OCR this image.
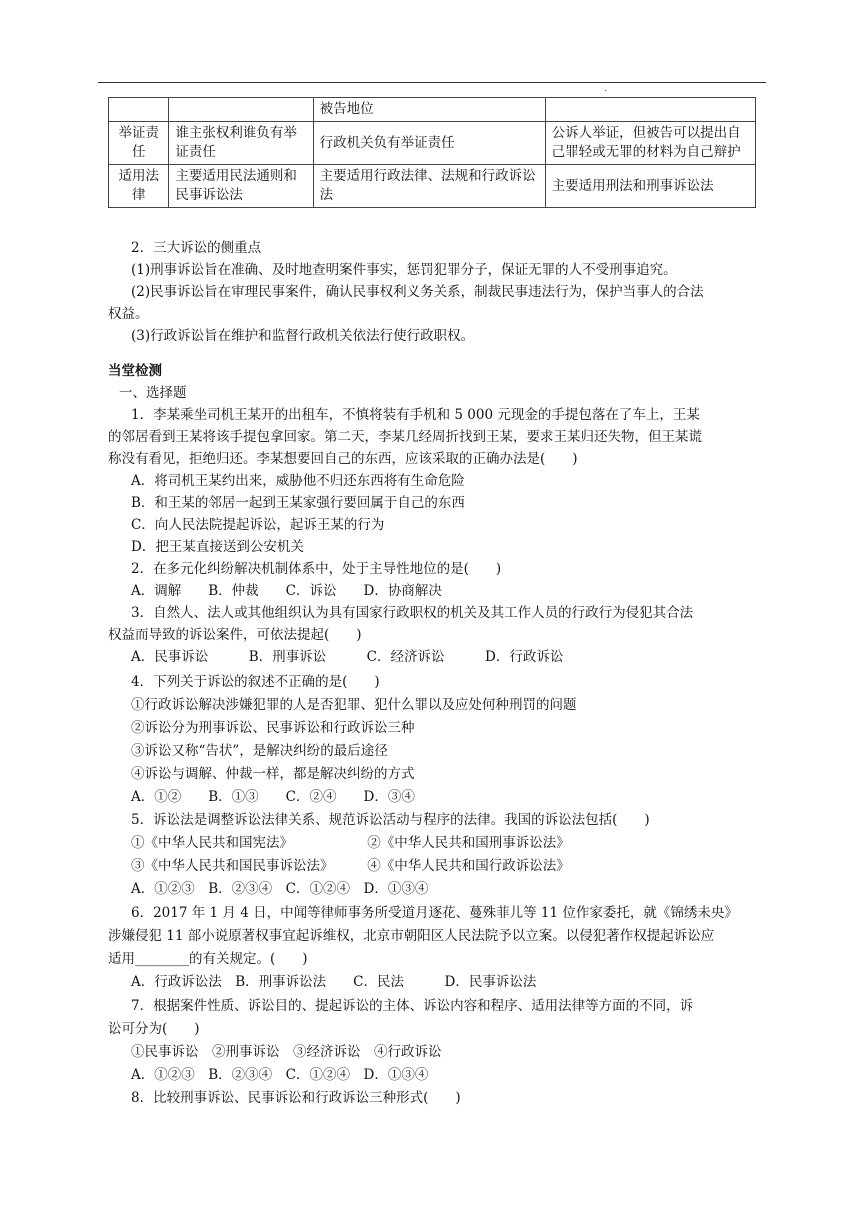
·
		被告地位	
举证责任	谁主张权利谁负有举证责任	行政机关负有举证责任	公诉人举证，但被告可以提出自己罪轻或无罪的材料为自己辩护
适用法律	主要适用民法通则和民事诉讼法	主要适用行政法律、法规和行政诉讼法	主要适用刑法和刑事诉讼法
2．三大诉讼的侧重点
(1)刑事诉讼旨在准确、及时地查明案件事实，惩罚犯罪分子，保证无罪的人不受刑事追究。
(2)民事诉讼旨在审理民事案件，确认民事权利义务关系，制裁民事违法行为，保护当事人的合法
权益。
(3)行政诉讼旨在维护和监督行政机关依法行使行政职权。
当堂检测
一、选择题
1．李某乘坐司机王某开的出租车，不慎将装有手机和 5 000 元现金的手提包落在了车上，王某
的邻居看到王某将该手提包拿回家。第二天，李某几经周折找到王某，要求王某归还失物，但王某谎
称没有看见，拒绝归还。李某想要回自己的东西，应该采取的正确办法是(　　)
A．将司机王某约出来，威胁他不归还东西将有生命危险
B．和王某的邻居一起到王某家强行要回属于自己的东西
C．向人民法院提起诉讼，起诉王某的行为
D．把王某直接送到公安机关
2．在多元化纠纷解决机制体系中，处于主导性地位的是(　　)
A．调解　　B．仲裁　　C．诉讼　　D．协商解决
3．自然人、法人或其他组织认为具有国家行政职权的机关及其工作人员的行政行为侵犯其合法
权益而导致的诉讼案件，可依法提起(　　)
A．民事诉讼　　　B．刑事诉讼　　　C．经济诉讼　　　D．行政诉讼
4．下列关于诉讼的叙述不正确的是(　　)
①行政诉讼解决涉嫌犯罪的人是否犯罪、犯什么罪以及应处何种刑罚的问题
②诉讼分为刑事诉讼、民事诉讼和行政诉讼三种
③诉讼又称“告状”，是解决纠纷的最后途径
④诉讼与调解、仲裁一样，都是解决纠纷的方式
A．①②　　B．①③　　C．②④　　D．③④
5．诉讼法是调整诉讼法律关系、规范诉讼活动与程序的法律。我国的诉讼法包括(　　)
①《中华人民共和国宪法》　　　　　　②《中华人民共和国刑事诉讼法》
③《中华人民共和国民事诉讼法》　　　④《中华人民共和国行政诉讼法》
A．①②③　B．②③④　C．①②④　D．①③④
6．2017 年 1 月 4 日，中闻等律师事务所受道月逐花、蔓殊菲儿等 11 位作家委托，就《锦绣未央》
涉嫌侵犯 11 部小说原著权事宜起诉维权，北京市朝阳区人民法院予以立案。以侵犯著作权提起诉讼应
适用________的有关规定。(　　)
A．行政诉讼法　B．刑事诉讼法　　C．民法　　　D．民事诉讼法
7．根据案件性质、诉讼目的、提起诉讼的主体、诉讼内容和程序、适用法律等方面的不同，诉
讼可分为(　　)
①民事诉讼　②刑事诉讼　③经济诉讼　④行政诉讼
A．①②③　B．②③④　C．①②④　D．①③④
8．比较刑事诉讼、民事诉讼和行政诉讼三种形式(　　)
